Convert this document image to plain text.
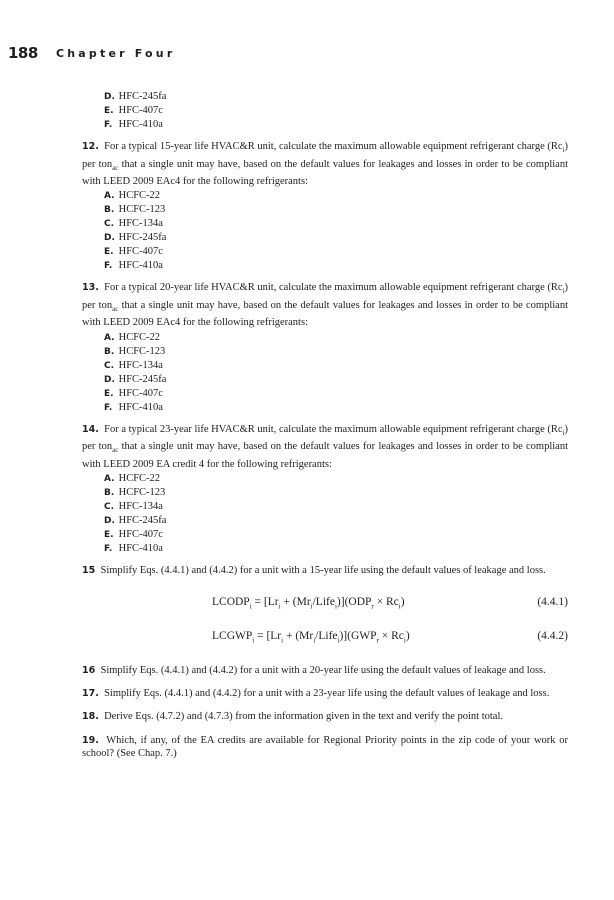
188 Chapter Four
D. HFC-245fa
E. HFC-407c
F. HFC-410a

12. For a typical 15-year life HVAC&R unit, calculate the maximum allowable equipment refrigerant charge $(Rc_i)$ per ton$_{ac}$ that a single unit may have, based on the default values for leakages and losses in order to be compliant with LEED 2009 EAc4 for the following refrigerants:

A. HCFC-22
B. HCFC-123
C. HFC-134a
D. HFC-245fa
E. HFC-407c
F. HFC-410a

13. For a typical 20-year life HVAC&R unit, calculate the maximum allowable equipment refrigerant charge $(Rc_i)$ per ton$_{ac}$ that a single unit may have, based on the default values for leakages and losses in order to be compliant with LEED 2009 EAc4 for the following refrigerants:

A. HCFC-22
B. HCFC-123
C. HFC-134a
D. HFC-245fa
E. HFC-407c
F. HFC-410a

14. For a typical 23-year life HVAC&R unit, calculate the maximum allowable equipment refrigerant charge $(Rc_i)$ per ton$_{ac}$ that a single unit may have, based on the default values for leakages and losses in order to be compliant with LEED 2009 EA credit 4 for the following refrigerants:

A. HCFC-22
B. HCFC-123
C. HFC-134a
D. HFC-245fa
E. HFC-407c
F. HFC-410a

15 Simplify Eqs. (4.4.1) and (4.4.2) for a unit with a 15-year life using the default values of leakage and loss.

$LCODP_i = [Lr_i$ + $(Mr_i/Life_i)](ODP_r \times Rc_i)$	(4.4.1)
$LCGWP_i = [Lr_i$ + $(Mr_i/Life_i)](GWP_r \times Rc_i)$	(4.4.2)

16 Simplify Eqs. (4.4.1) and (4.4.2) for a unit with a 20-year life using the default values of leakage and loss.

17. Simplify Eqs. (4.4.1) and (4.4.2) for a unit with a 23-year life using the default values of leakage and loss.

18. Derive Eqs. (4.7.2) and (4.7.3) from the information given in the text and verify the point total.

19. Which, if any, of the EA credits are available for Regional Priority points in the zip code of your work or school? (See Chap. 7.)
